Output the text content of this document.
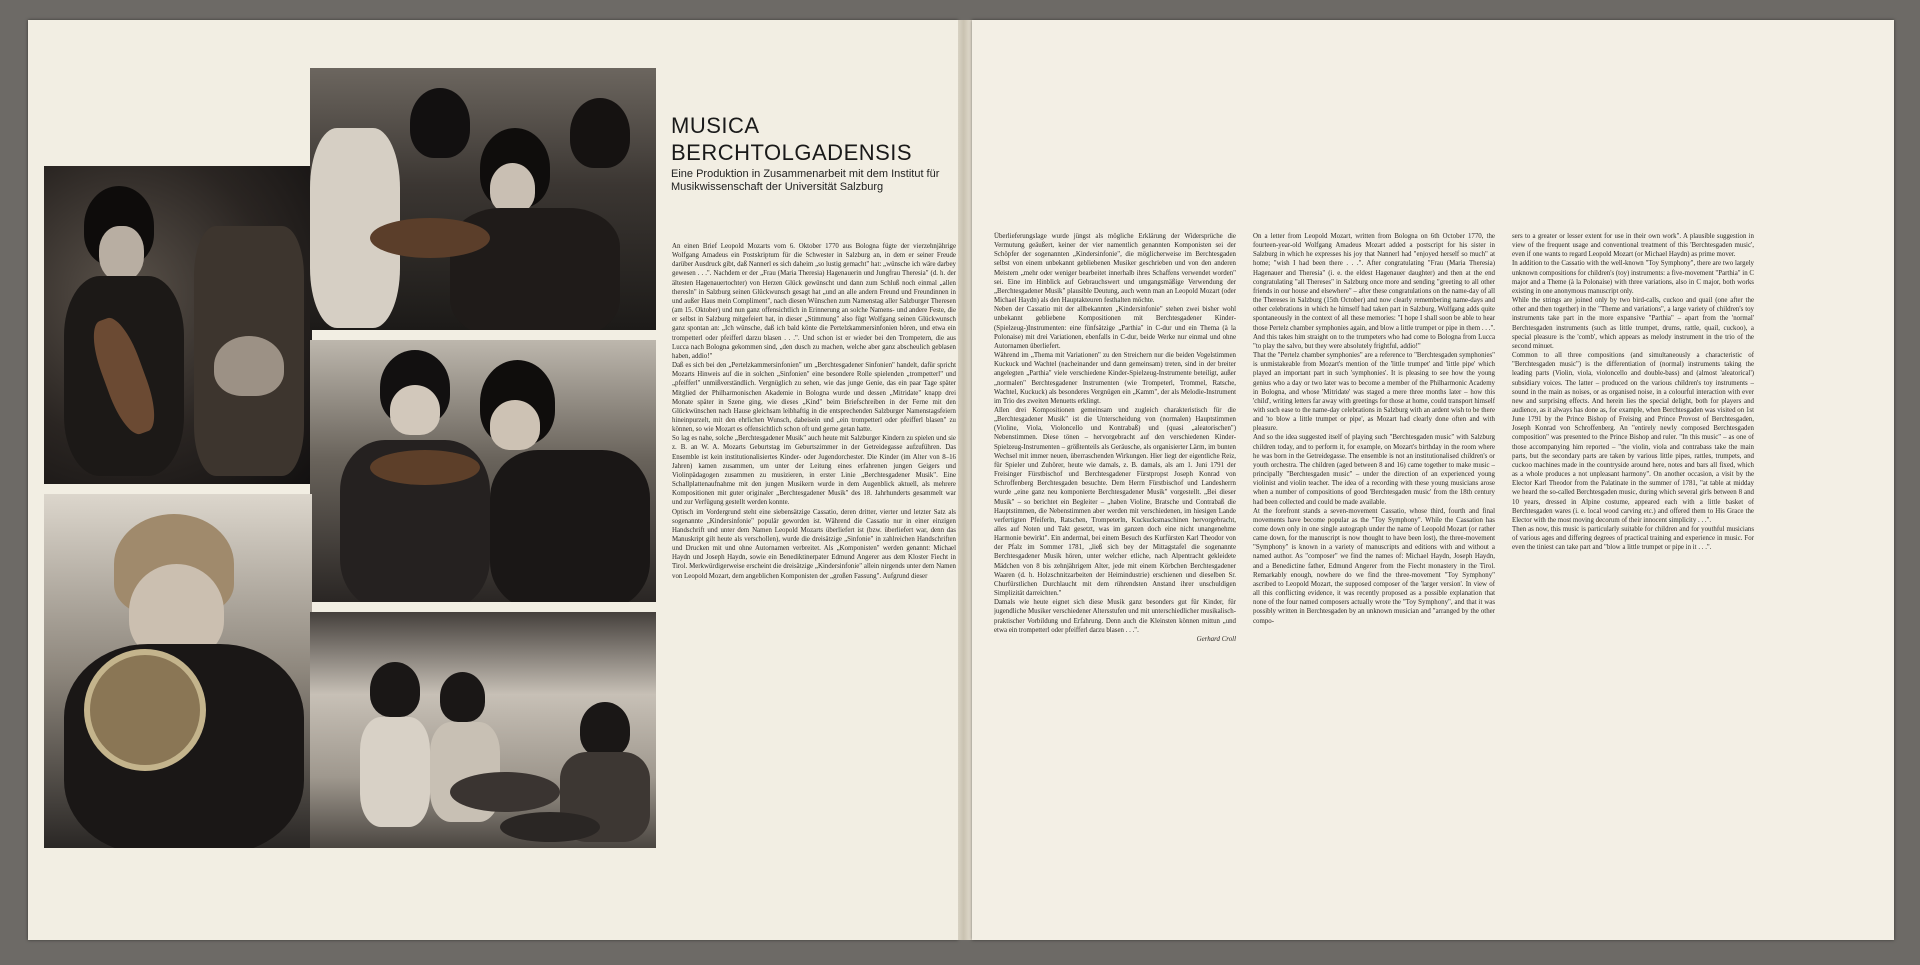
MUSICA
BERCHTOLGADENSIS
Eine Produktion in Zusammenarbeit mit dem Institut für Musikwissenschaft der Universität Salzburg

An einen Brief Leopold Mozarts vom 6. Oktober 1770 aus Bologna fügte der vierzehnjährige Wolfgang Amadeus ein Postskriptum für die Schwester in Salzburg an, in dem er seiner Freude darüber Ausdruck gibt, daß Nannerl es sich daheim „so lustig gemacht" hat: „wünsche ich wäre darbey gewesen . . .". Nachdem er der „Frau (Maria Theresia) Hagenauerin und Jungfrau Theresia" (d. h. der ältesten Hagenauertochter) von Herzen Glück gewünscht und dann zum Schluß noch einmal „allen theresln" in Salzburg seinen Glückwunsch gesagt hat „und an alle andern Freund und Freundinnen in und außer Haus mein Compliment", nach diesen Wünschen zum Namenstag aller Salzburger Theresen (am 15. Oktober) und nun ganz offensichtlich in Erinnerung an solche Namens- und andere Feste, die er selbst in Salzburg mitgefeiert hat, in dieser „Stimmung" also fügt Wolfgang seinen Glückwunsch ganz spontan an: „Ich wünsche, daß ich bald könte die Pertelzkammersinfonien hören, und etwa ein trompetterl oder pfeifferl darzu blasen . . .". Und schon ist er wieder bei den Trompetern, die aus Lucca nach Bologna gekommen sind, „den dusch zu machen, welche aber ganz abscheulich geblasen haben, addio!"

Daß es sich bei den „Pertelzkammersinfonien" um „Berchtesgadener Sinfonien" handelt, dafür spricht Mozarts Hinweis auf die in solchen „Sinfonien" eine besondere Rolle spielenden „trompetterl" und „pfeifferl" unmißverständlich. Vergnüglich zu sehen, wie das junge Genie, das ein paar Tage später Mitglied der Philharmonischen Akademie in Bologna wurde und dessen „Mitridate" knapp drei Monate später in Szene ging, wie dieses „Kind" beim Briefschreiben in der Ferne mit den Glückwünschen nach Hause gleichsam leibhaftig in die entsprechenden Salzburger Namenstagsfeiern hineinpurzelt, mit den ehrlichen Wunsch, dabeisein und „ein trompetterl oder pfeifferl blasen" zu können, so wie Mozart es offensichtlich schon oft und gerne getan hatte.

So lag es nahe, solche „Berchtesgadener Musik" auch heute mit Salzburger Kindern zu spielen und sie z. B. an W. A. Mozarts Geburtstag im Geburtszimmer in der Getreidegasse aufzuführen. Das Ensemble ist kein institutionalisiertes Kinder- oder Jugendorchester. Die Kinder (im Alter von 8–16 Jahren) kamen zusammen, um unter der Leitung eines erfahrenen jungen Geigers und Violinpädagogen zusammen zu musizieren, in erster Linie „Berchtesgadener Musik". Eine Schallplattenaufnahme mit den jungen Musikern wurde in dem Augenblick aktuell, als mehrere Kompositionen mit guter originaler „Berchtesgadener Musik" des 18. Jahrhunderts gesammelt war und zur Verfügung gestellt werden konnte.

Optisch im Vordergrund steht eine siebensätzige Cassatio, deren dritter, vierter und letzter Satz als sogenannte „Kindersinfonie" populär geworden ist. Während die Cassatio nur in einer einzigen Handschrift und unter dem Namen Leopold Mozarts überliefert ist (bzw. überliefert war, denn das Manuskript gilt heute als verschollen), wurde die dreisätzige „Sinfonie" in zahlreichen Handschriften und Drucken mit und ohne Autornamen verbreitet. Als „Komponisten" werden genannt: Michael Haydn und Joseph Haydn, sowie ein Benediktinerpater Edmund Angerer aus dem Kloster Fiecht in Tirol. Merkwürdigerweise erscheint die dreisätzige „Kindersinfonie" allein nirgends unter dem Namen von Leopold Mozart, dem angeblichen Komponisten der „großen Fassung". Aufgrund dieser

Überlieferungslage wurde jüngst als mögliche Erklärung der Widersprüche die Vermutung geäußert, keiner der vier namentlich genannten Komponisten sei der Schöpfer der sogenannten „Kindersinfonie", die möglicherweise im Berchtesgaden selbst von einem unbekannt gebliebenen Musiker geschrieben und von den anderen Meistern „mehr oder weniger bearbeitet innerhalb ihres Schaffens verwendet worden" sei. Eine im Hinblick auf Gebrauchswert und umgangsmäßige Verwendung der „Berchtesgadener Musik" plausible Deutung, auch wenn man an Leopold Mozart (oder Michael Haydn) als den Hauptakteuren festhalten möchte.

Neben der Cassatio mit der allbekannten „Kindersinfonie" stehen zwei bisher wohl unbekannt gebliebene Kompositionen mit Berchtesgadener Kinder-(Spielzeug-)Instrumenten: eine fünfsätzige „Parthia" in C-dur und ein Thema (à la Polonaise) mit drei Variationen, ebenfalls in C-dur, beide Werke nur einmal und ohne Autornamen überliefert.

Während im „Thema mit Variationen" zu den Streichern nur die beiden Vogelstimmen Kuckuck und Wachtel (nacheinander und dann gemeinsam) treten, sind in der breiter angelegten „Parthia" viele verschiedene Kinder-Spielzeug-Instrumente beteiligt, außer „normalen" Berchtesgadener Instrumenten (wie Trompeterl, Trommel, Ratsche, Wachtel, Kuckuck) als besonderes Vergnügen ein „Kamm", der als Melodie-Instrument im Trio des zweiten Menuetts erklingt.

Allen drei Kompositionen gemeinsam und zugleich charakteristisch für die „Berchtesgadener Musik" ist die Unterscheidung von (normalen) Hauptstimmen (Violine, Viola, Violoncello und Kontrabaß) und (quasi „aleatorischen") Nebenstimmen. Diese tönen – hervorgebracht auf den verschiedenen Kinder-Spielzeug-Instrumenten – größtenteils als Geräusche, als organisierter Lärm, im bunten Wechsel mit immer neuen, überraschenden Wirkungen. Hier liegt der eigentliche Reiz, für Spieler und Zuhörer, heute wie damals, z. B. damals, als am 1. Juni 1791 der Freisinger Fürstbischof und Berchtesgadener Fürstpropst Joseph Konrad von Schroffenberg Berchtesgaden besuchte. Dem Herrn Fürstbischof und Landesherrn wurde „eine ganz neu komponierte Berchtesgadener Musik" vorgestellt. „Bei dieser Musik" – so berichtet ein Begleiter – „haben Violine, Bratsche und Contrabaß die Hauptstimmen, die Nebenstimmen aber werden mit verschiedenen, im hiesigen Lande verfertigten Pfeiferln, Ratschen, Trompeterln, Kuckucksmaschinen hervorgebracht, alles auf Noten und Takt gesetzt, was im ganzen doch eine nicht unangenehme Harmonie bewirkt". Ein andermal, bei einem Besuch des Kurfürsten Karl Theodor von der Pfalz im Sommer 1781, „ließ sich bey der Mittagstafel die sogenannte Berchtesgadener Musik hören, unter welcher etliche, nach Alpentracht gekleidete Mädchen von 8 bis zehnjährigem Alter, jede mit einem Körbchen Berchtesgadener Waaren (d. h. Holzschnitzarbeiten der Heimindustrie) erschienen und dieselben Sr. Churfürstlichen Durchlaucht mit dem rührendsten Anstand ihrer unschuldigen Simplizität darreichten."

Damals wie heute eignet sich diese Musik ganz besonders gut für Kinder, für jugendliche Musiker verschiedener Altersstufen und mit unterschiedlicher musikalisch-praktischer Vorbildung und Erfahrung. Denn auch die Kleinsten können mittun „und etwa ein trompetterl oder pfeifferl darzu blasen . . .".

Gerhard Croll

On a letter from Leopold Mozart, written from Bologna on 6th October 1770, the fourteen-year-old Wolfgang Amadeus Mozart added a postscript for his sister in Salzburg in which he expresses his joy that Nannerl had "enjoyed herself so much" at home; "wish I had been there . . .". After congratulating "Frau (Maria Theresia) Hagenauer and Theresia" (i. e. the eldest Hagenauer daughter) and then at the end congratulating "all Thereses" in Salzburg once more and sending "greeting to all other friends in our house and elsewhere" – after these congratulations on the name-day of all the Thereses in Salzburg (15th October) and now clearly remembering name-days and other celebrations in which he himself had taken part in Salzburg, Wolfgang adds quite spontaneously in the context of all these memories: "I hope I shall soon be able to hear those Pertelz chamber symphonies again, and blow a little trumpet or pipe in them . . .". And this takes him straight on to the trumpeters who had come to Bologna from Lucca "to play the salvo, but they were absolutely frightful, addio!"

That the "Pertelz chamber symphonies" are a reference to "Berchtesgaden symphonies" is unmistakeable from Mozart's mention of the 'little trumpet' and 'little pipe' which played an important part in such 'symphonies'. It is pleasing to see how the young genius who a day or two later was to become a member of the Philharmonic Academy in Bologna, and whose 'Mitridate' was staged a mere three months later – how this 'child', writing letters far away with greetings for those at home, could transport himself with such ease to the name-day celebrations in Salzburg with an ardent wish to be there and 'to blow a little trumpet or pipe', as Mozart had clearly done often and with pleasure.

And so the idea suggested itself of playing such "Berchtesgaden music" with Salzburg children today, and to perform it, for example, on Mozart's birthday in the room where he was born in the Getreidegasse. The ensemble is not an institutionalised children's or youth orchestra. The children (aged between 8 and 16) came together to make music – principally "Berchtesgaden music" – under the direction of an experienced young violinist and violin teacher. The idea of a recording with these young musicians arose when a number of compositions of good 'Berchtesgaden music' from the 18th century had been collected and could be made available.

At the forefront stands a seven-movement Cassatio, whose third, fourth and final movements have become popular as the "Toy Symphony". While the Cassation has come down only in one single autograph under the name of Leopold Mozart (or rather came down, for the manuscript is now thought to have been lost), the three-movement "Symphony" is known in a variety of manuscripts and editions with and without a named author. As "composer" we find the names of: Michael Haydn, Joseph Haydn, and a Benedictine father, Edmund Angerer from the Fiecht monastery in the Tirol. Remarkably enough, nowhere do we find the three-movement "Toy Symphony" ascribed to Leopold Mozart, the supposed composer of the 'larger version'. In view of all this conflicting evidence, it was recently proposed as a possible explanation that none of the four named composers actually wrote the "Toy Symphony", and that it was possibly written in Berchtesgaden by an unknown musician and "arranged by the other compo-

sers to a greater or lesser extent for use in their own work". A plausible suggestion in view of the frequent usage and conventional treatment of this 'Berchtesgaden music', even if one wants to regard Leopold Mozart (or Michael Haydn) as prime mover.

In addition to the Cassatio with the well-known "Toy Symphony", there are two largely unknown compositions for children's (toy) instruments: a five-movement "Parthia" in C major and a Theme (à la Polonaise) with three variations, also in C major, both works existing in one anonymous manuscript only.

While the strings are joined only by two bird-calls, cuckoo and quail (one after the other and then together) in the "Theme and variations", a large variety of children's toy instruments take part in the more expansive "Parthia" – apart from the 'normal' Berchtesgaden instruments (such as little trumpet, drums, rattle, quail, cuckoo), a special pleasure is the 'comb', which appears as melody instrument in the trio of the second minuet.

Common to all three compositions (and simultaneously a characteristic of "Berchtesgaden music") is the differentiation of (normal) instruments taking the leading parts (Violin, viola, violoncello and double-bass) and (almost 'aleatorical') subsidiary voices. The latter – produced on the various children's toy instruments – sound in the main as noises, or as organised noise, in a colourful interaction with ever new and surprising effects. And herein lies the special delight, both for players and audience, as it always has done as, for example, when Berchtesgaden was visited on 1st June 1791 by the Prince Bishop of Freising and Prince Provost of Berchtesgaden, Joseph Konrad von Schroffenberg. An "entirely newly composed Berchtesgaden composition" was presented to the Prince Bishop and ruler. "In this music" – as one of those accompanying him reported – "the violin, viola and contrabass take the main parts, but the secondary parts are taken by various little pipes, rattles, trumpets, and cuckoo machines made in the countryside around here, notes and bars all fixed, which as a whole produces a not unpleasant harmony". On another occasion, a visit by the Elector Karl Theodor from the Palatinate in the summer of 1781, "at table at midday we heard the so-called Berchtesgaden music, during which several girls between 8 and 10 years, dressed in Alpine costume, appeared each with a little basket of Berchtesgaden wares (i. e. local wood carving etc.) and offered them to His Grace the Elector with the most moving decorum of their innocent simplicity . . .".

Then as now, this music is particularly suitable for children and for youthful musicians of various ages and differing degrees of practical training and experience in music. For even the tiniest can take part and "blow a little trumpet or pipe in it . . .".
